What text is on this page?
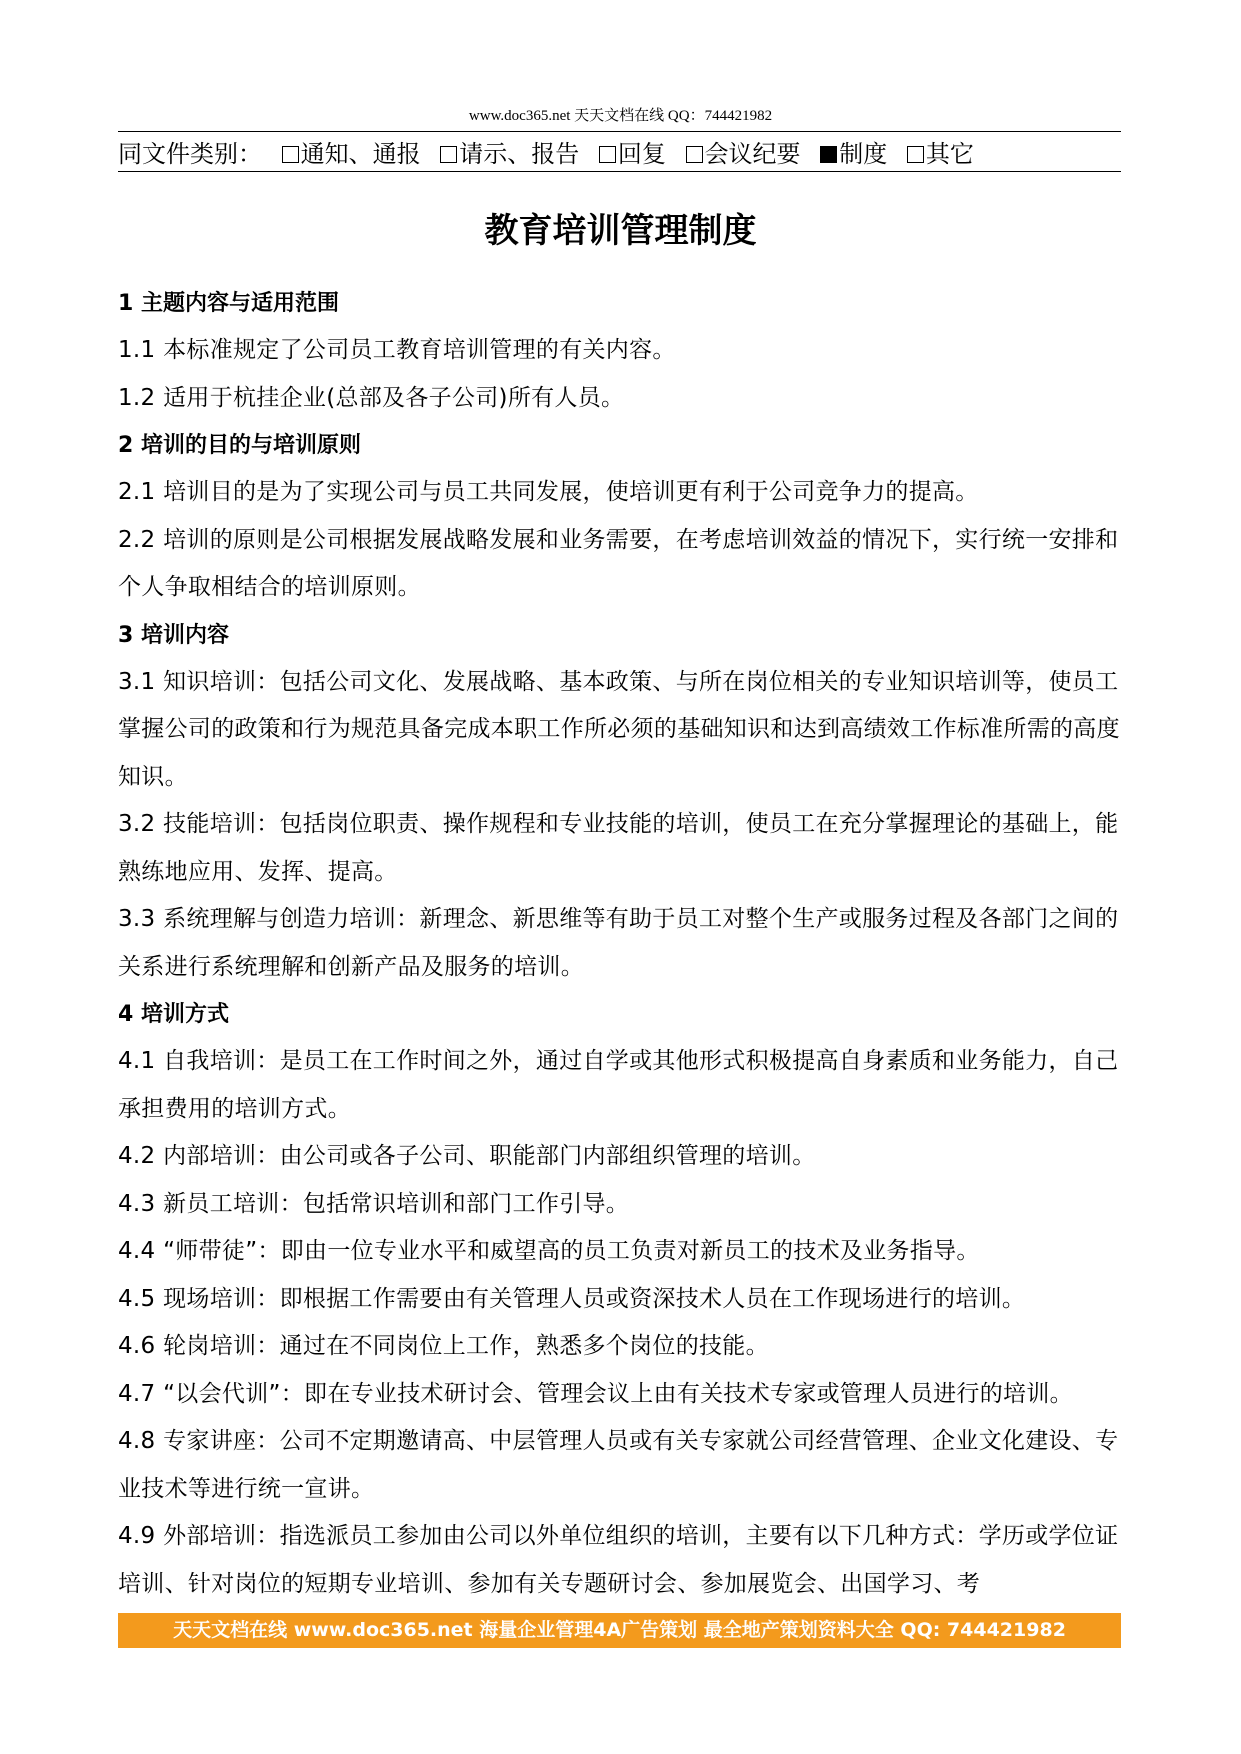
www.doc365.net 天天文档在线 QQ：744421982
同文件类别： 通知、通报 请示、报告 回复 会议纪要 制度 其它
教育培训管理制度
1 主题内容与适用范围
1.1 本标准规定了公司员工教育培训管理的有关内容。
1.2 适用于杭挂企业(总部及各子公司)所有人员。
2 培训的目的与培训原则
2.1 培训目的是为了实现公司与员工共同发展，使培训更有利于公司竞争力的提高。
2.2 培训的原则是公司根据发展战略发展和业务需要，在考虑培训效益的情况下，实行统一安排和个人争取相结合的培训原则。
3 培训内容
3.1 知识培训：包括公司文化、发展战略、基本政策、与所在岗位相关的专业知识培训等，使员工掌握公司的政策和行为规范具备完成本职工作所必须的基础知识和达到高绩效工作标准所需的高度知识。
3.2 技能培训：包括岗位职责、操作规程和专业技能的培训，使员工在充分掌握理论的基础上，能熟练地应用、发挥、提高。
3.3 系统理解与创造力培训：新理念、新思维等有助于员工对整个生产或服务过程及各部门之间的关系进行系统理解和创新产品及服务的培训。
4 培训方式
4.1 自我培训：是员工在工作时间之外，通过自学或其他形式积极提高自身素质和业务能力，自己承担费用的培训方式。
4.2 内部培训：由公司或各子公司、职能部门内部组织管理的培训。
4.3 新员工培训：包括常识培训和部门工作引导。
4.4 “师带徒”：即由一位专业水平和威望高的员工负责对新员工的技术及业务指导。
4.5 现场培训：即根据工作需要由有关管理人员或资深技术人员在工作现场进行的培训。
4.6 轮岗培训：通过在不同岗位上工作，熟悉多个岗位的技能。
4.7 “以会代训”：即在专业技术研讨会、管理会议上由有关技术专家或管理人员进行的培训。
4.8 专家讲座：公司不定期邀请高、中层管理人员或有关专家就公司经营管理、企业文化建设、专业技术等进行统一宣讲。
4.9 外部培训：指选派员工参加由公司以外单位组织的培训，主要有以下几种方式：学历或学位证培训、针对岗位的短期专业培训、参加有关专题研讨会、参加展览会、出国学习、考
天天文档在线 www.doc365.net 海量企业管理4A广告策划 最全地产策划资料大全 QQ: 744421982
